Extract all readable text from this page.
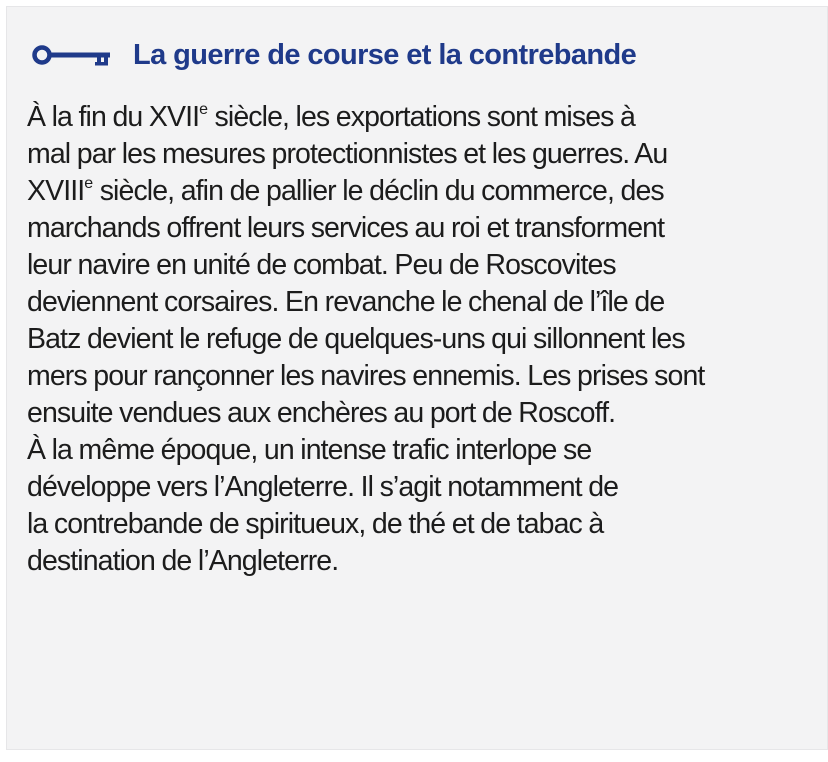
La guerre de course et la contrebande
À la fin du XVIIe siècle, les exportations sont mises à
mal par les mesures protectionnistes et les guerres. Au
XVIIIe siècle, afin de pallier le déclin du commerce, des
marchands offrent leurs services au roi et transforment
leur navire en unité de combat. Peu de Roscovites
deviennent corsaires. En revanche le chenal de l’île de
Batz devient le refuge de quelques-uns qui sillonnent les
mers pour rançonner les navires ennemis. Les prises sont
ensuite vendues aux enchères au port de Roscoff.
À la même époque, un intense trafic interlope se
développe vers l’Angleterre. Il s’agit notamment de
la contrebande de spiritueux, de thé et de tabac à
destination de l’Angleterre.
